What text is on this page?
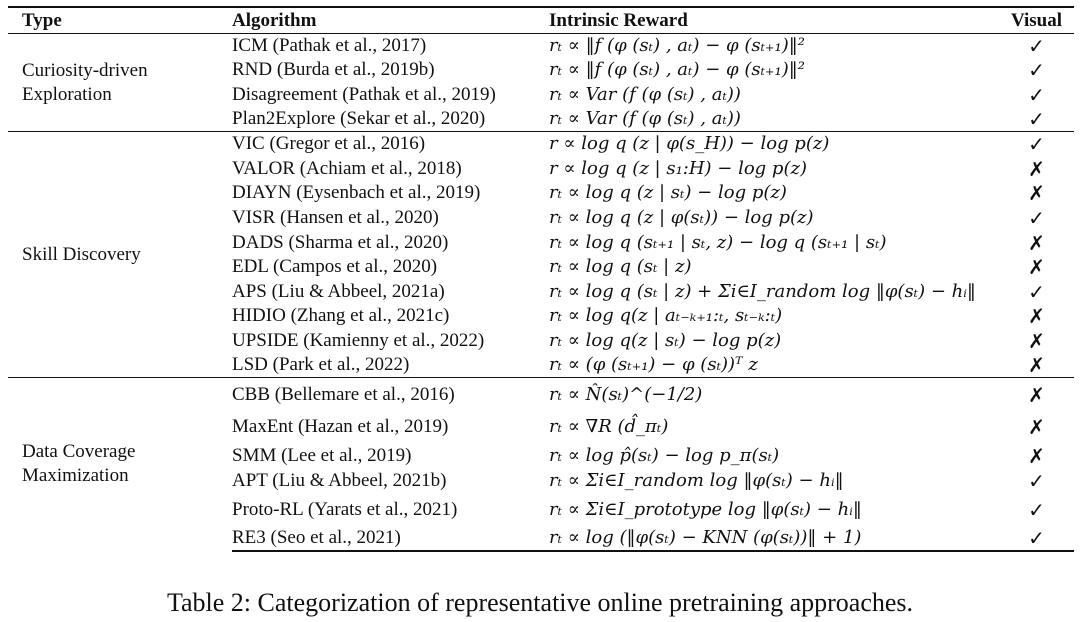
Type	Algorithm	Intrinsic Reward	Visual
Curiosity-driven Exploration	ICM (Pathak et al., 2017)	rₜ ∝ ‖f (φ (sₜ) , aₜ) − φ (sₜ₊₁)‖²	✓
	RND (Burda et al., 2019b)	rₜ ∝ ‖f (φ (sₜ) , aₜ) − φ (sₜ₊₁)‖²	✓
	Disagreement (Pathak et al., 2019)	rₜ ∝ Var (f (φ (sₜ) , aₜ))	✓
	Plan2Explore (Sekar et al., 2020)	rₜ ∝ Var (f (φ (sₜ) , aₜ))	✓
Skill Discovery	VIC (Gregor et al., 2016)	r ∝ log q (z | φ(s_H)) − log p(z)	✓
	VALOR (Achiam et al., 2018)	r ∝ log q (z | s₁:H) − log p(z)	✗
	DIAYN (Eysenbach et al., 2019)	rₜ ∝ log q (z | sₜ) − log p(z)	✗
	VISR (Hansen et al., 2020)	rₜ ∝ log q (z | φ(sₜ)) − log p(z)	✓
	DADS (Sharma et al., 2020)	rₜ ∝ log q (sₜ₊₁ | sₜ, z) − log q (sₜ₊₁ | sₜ)	✗
	EDL (Campos et al., 2020)	rₜ ∝ log q (sₜ | z)	✗
	APS (Liu & Abbeel, 2021a)	rₜ ∝ log q (sₜ | z) + Σi∈I_random log ‖φ(sₜ) − hᵢ‖	✓
	HIDIO (Zhang et al., 2021c)	rₜ ∝ log q(z | aₜ₋ₖ₊₁:ₜ, sₜ₋ₖ:ₜ)	✗
	UPSIDE (Kamienny et al., 2022)	rₜ ∝ log q(z | sₜ) − log p(z)	✗
	LSD (Park et al., 2022)	rₜ ∝ (φ (sₜ₊₁) − φ (sₜ))ᵀ z	✗
Data Coverage Maximization	CBB (Bellemare et al., 2016)	rₜ ∝ N̂(sₜ)^(−1/2)	✗
	MaxEnt (Hazan et al., 2019)	rₜ ∝ ∇R (d̂_πₜ)	✗
	SMM (Lee et al., 2019)	rₜ ∝ log p̂(sₜ) − log p_π(sₜ)	✗
	APT (Liu & Abbeel, 2021b)	rₜ ∝ Σi∈I_random log ‖φ(sₜ) − hᵢ‖	✓
	Proto-RL (Yarats et al., 2021)	rₜ ∝ Σi∈I_prototype log ‖φ(sₜ) − hᵢ‖	✓
	RE3 (Seo et al., 2021)	rₜ ∝ log (‖φ(sₜ) − KNN (φ(sₜ))‖ + 1)	✓
Table 2: Categorization of representative online pretraining approaches.
